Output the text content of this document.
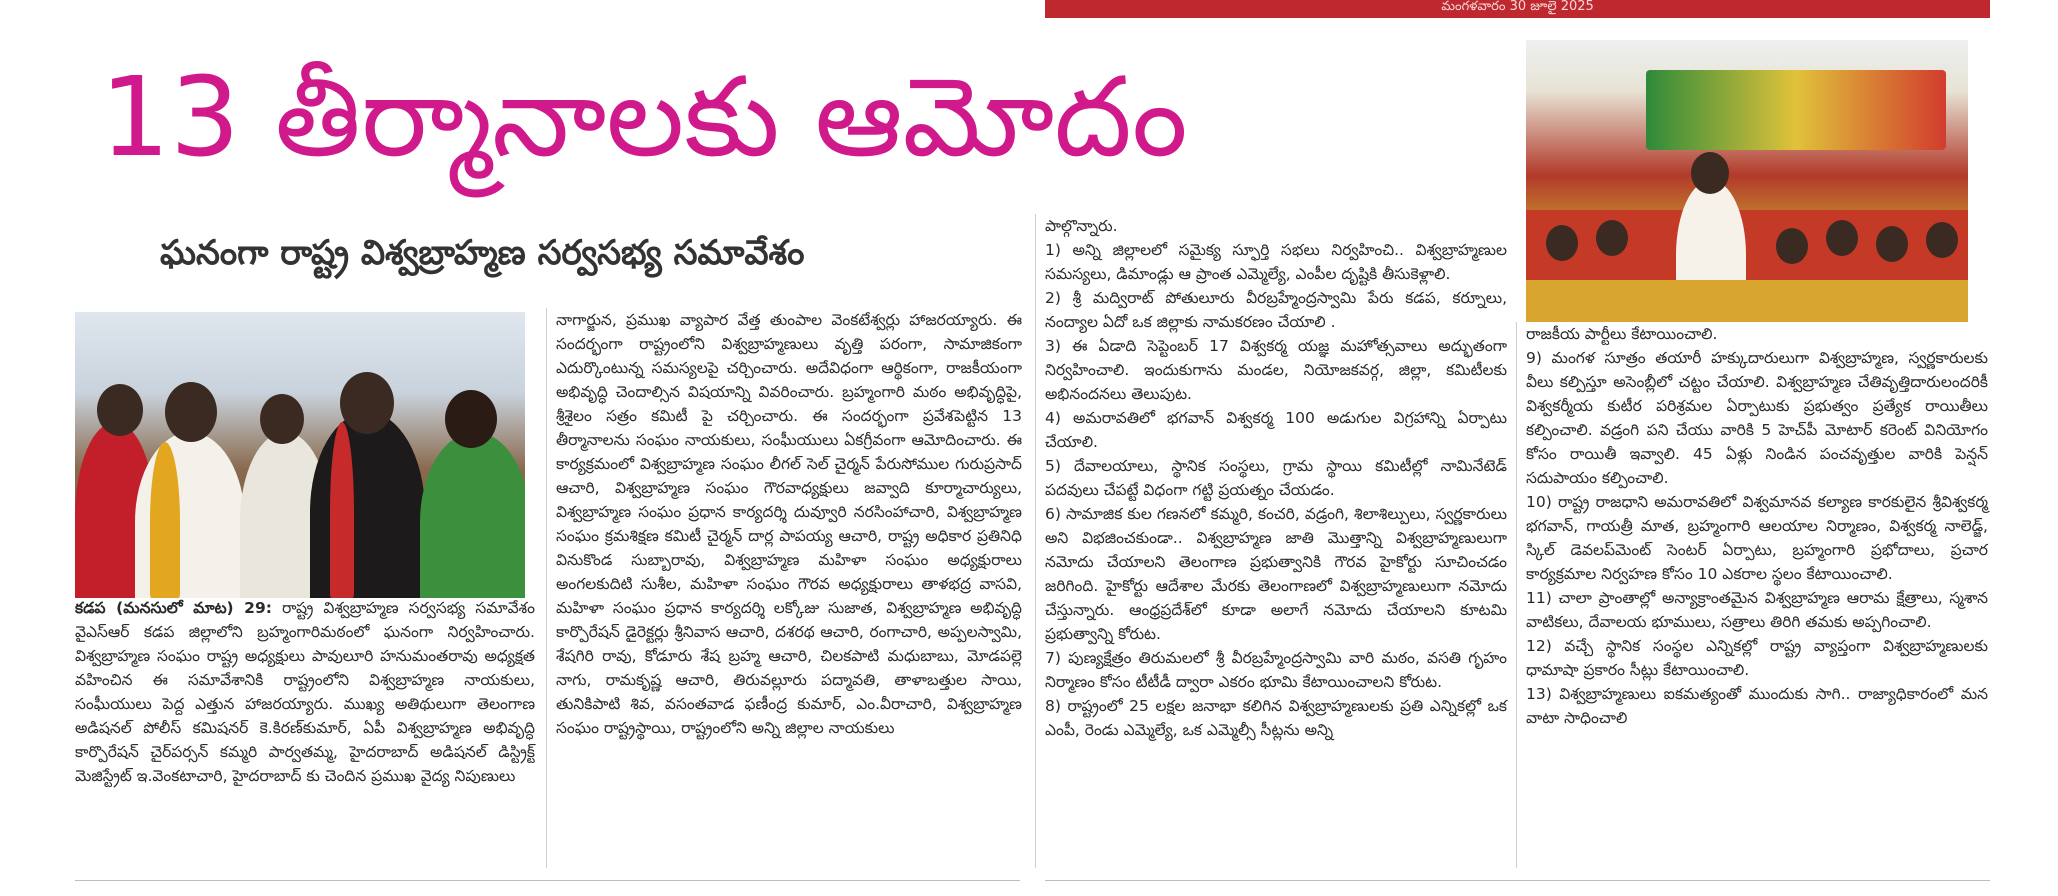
మంగళవారం 30 జూలై 2025
13 తీర్మానాలకు ఆమోదం
ఘనంగా రాష్ట్ర విశ్వబ్రాహ్మణ సర్వసభ్య సమావేశం

కడప (మనసులో మాట) 29: రాష్ట్ర విశ్వబ్రాహ్మణ సర్వసభ్య సమావేశం వైఎస్ఆర్ కడప జిల్లాలోని బ్రహ్మంగారిమఠంలో ఘనంగా నిర్వహించారు. విశ్వబ్రాహ్మణ సంఘం రాష్ట్ర అధ్యక్షులు పావులూరి హనుమంతరావు అధ్యక్షత వహించిన ఈ సమావేశానికి రాష్ట్రంలోని విశ్వబ్రాహ్మణ నాయకులు, సంఘీయులు పెద్ద ఎత్తున హాజరయ్యారు. ముఖ్య అతిథులుగా తెలంగాణ అడిషనల్ పోలీస్ కమిషనర్ కె.కిరణ్‌కుమార్, ఏపీ విశ్వబ్రాహ్మణ అభివృద్ధి కార్పొరేషన్ చైర్‌పర్సన్ కమ్మరి పార్వతమ్మ, హైదరాబాద్ అడిషనల్ డిస్ట్రిక్ట్ మెజిస్ట్రేట్ ఇ.వెంకటాచారి, హైదరాబాద్ కు చెందిన ప్రముఖ వైద్య నిపుణులు

నాగార్జున, ప్రముఖ వ్యాపార వేత్త తుంపాల వెంకటేశ్వర్లు హాజరయ్యారు. ఈ సందర్భంగా రాష్ట్రంలోని విశ్వబ్రాహ్మణులు వృత్తి పరంగా, సామాజికంగా ఎదుర్కొంటున్న సమస్యలపై చర్చించారు. అదేవిధంగా ఆర్థికంగా, రాజకీయంగా అభివృద్ధి చెందాల్సిన విషయాన్ని వివరించారు. బ్రహ్మంగారి మఠం అభివృద్ధిపై, శ్రీశైలం సత్రం కమిటీ పై చర్చించారు. ఈ సందర్భంగా ప్రవేశపెట్టిన 13 తీర్మానాలను సంఘం నాయకులు, సంఘీయులు ఏకగ్రీవంగా ఆమోదించారు. ఈ కార్యక్రమంలో విశ్వబ్రాహ్మణ సంఘం లీగల్ సెల్ చైర్మన్ పేరుసోముల గురుప్రసాద్ ఆచారి, విశ్వబ్రాహ్మణ సంఘం గౌరవాధ్యక్షులు జవ్వాది కూర్మాచార్యులు, విశ్వబ్రాహ్మణ సంఘం ప్రధాన కార్యదర్శి దువ్వూరి నరసింహాచారి, విశ్వబ్రాహ్మణ సంఘం క్రమశిక్షణ కమిటీ చైర్మన్ దార్ల పాపయ్య ఆచారి, రాష్ట్ర అధికార ప్రతినిధి వినుకొండ సుబ్బారావు, విశ్వబ్రాహ్మణ మహిళా సంఘం అధ్యక్షురాలు అంగలకుదిటి సుశీల, మహిళా సంఘం గౌరవ అధ్యక్షురాలు తాళభద్ర వాసవి, మహిళా సంఘం ప్రధాన కార్యదర్శి లక్కోజు సుజాత, విశ్వబ్రాహ్మణ అభివృద్ధి కార్పొరేషన్ డైరెక్టర్లు శ్రీనివాస ఆచారి, దశరథ ఆచారి, రంగాచారి, అప్పలస్వామి, శేషగిరి రావు, కోడూరు శేష బ్రహ్మ ఆచారి, చిలకపాటి మధుబాబు, మోడపల్లె నాగు, రామకృష్ణ ఆచారి, తిరువల్లూరు పద్మావతి, తాళాబత్తుల సాయి, తునికిపాటి శివ, వసంతవాడ ఫణీంద్ర కుమార్, ఎం.వీరాచారి, విశ్వబ్రాహ్మణ సంఘం రాష్ట్రస్థాయి, రాష్ట్రంలోని అన్ని జిల్లాల నాయకులు

పాల్గొన్నారు.

1) అన్ని జిల్లాలలో సమైక్య స్ఫూర్తి సభలు నిర్వహించి.. విశ్వబ్రాహ్మణుల సమస్యలు, డిమాండ్లు ఆ ప్రాంత ఎమ్మెల్యే, ఎంపీల దృష్టికి తీసుకెళ్లాలి.

2) శ్రీ మద్విరాట్ పోతులూరు వీరబ్రహ్మేంద్రస్వామి పేరు కడప, కర్నూలు, నంద్యాల ఏదో ఒక జిల్లాకు నామకరణం చేయాలి .

3) ఈ ఏడాది సెప్టెంబర్ 17 విశ్వకర్మ యజ్ఞ మహోత్సవాలు అద్భుతంగా నిర్వహించాలి. ఇందుకుగాను మండల, నియోజకవర్గ, జిల్లా, కమిటీలకు అభినందనలు తెలుపుట.

4) అమరావతిలో భగవాన్ విశ్వకర్మ 100 అడుగుల విగ్రహాన్ని ఏర్పాటు చేయాలి.

5) దేవాలయాలు, స్థానిక సంస్థలు, గ్రామ స్థాయి కమిటీల్లో నామినేటెడ్ పదవులు చేపట్టే విధంగా గట్టి ప్రయత్నం చేయడం.

6) సామాజిక కుల గణనలో కమ్మరి, కంచరి, వడ్రంగి, శిలాశిల్పులు, స్వర్ణకారులు అని విభజించకుండా.. విశ్వబ్రాహ్మణ జాతి మొత్తాన్ని విశ్వబ్రాహ్మణులుగా నమోదు చేయాలని తెలంగాణ ప్రభుత్వానికి గౌరవ హైకోర్టు సూచించడం జరిగింది. హైకోర్టు ఆదేశాల మేరకు తెలంగాణలో విశ్వబ్రాహ్మణులుగా నమోదు చేస్తున్నారు. ఆంధ్రప్రదేశ్‌లో కూడా అలాగే నమోదు చేయాలని కూటమి ప్రభుత్వాన్ని కోరుట.

7) పుణ్యక్షేత్రం తిరుమలలో శ్రీ వీరబ్రహ్మేంద్రస్వామి వారి మఠం, వసతి గృహం నిర్మాణం కోసం టీటీడీ ద్వారా ఎకరం భూమి కేటాయించాలని కోరుట.

8) రాష్ట్రంలో 25 లక్షల జనాభా కలిగిన విశ్వబ్రాహ్మణులకు ప్రతి ఎన్నికల్లో ఒక ఎంపీ, రెండు ఎమ్మెల్యే, ఒక ఎమ్మెల్సీ సీట్లను అన్ని

రాజకీయ పార్టీలు కేటాయించాలి.

9) మంగళ సూత్రం తయారీ హక్కుదారులుగా విశ్వబ్రాహ్మణ, స్వర్ణకారులకు వీలు కల్పిస్తూ అసెంబ్లీలో చట్టం చేయాలి. విశ్వబ్రాహ్మణ చేతివృత్తిదారులందరికీ విశ్వకర్మీయ కుటీర పరిశ్రమల ఏర్పాటుకు ప్రభుత్వం ప్రత్యేక రాయితీలు కల్పించాలి. వడ్రంగి పని చేయు వారికి 5 హెచ్‌పీ మోటార్ కరెంట్ వినియోగం కోసం రాయితీ ఇవ్వాలి. 45 ఏళ్లు నిండిన పంచవృత్తుల వారికి పెన్షన్ సదుపాయం కల్పించాలి.

10) రాష్ట్ర రాజధాని అమరావతిలో విశ్వమానవ కల్యాణ కారకులైన శ్రీవిశ్వకర్మ భగవాన్, గాయత్రీ మాత, బ్రహ్మంగారి ఆలయాల నిర్మాణం, విశ్వకర్మ నాలెడ్జ్, స్కిల్ డెవలప్‌మెంట్ సెంటర్ ఏర్పాటు, బ్రహ్మంగారి ప్రభోదాలు, ప్రచార కార్యక్రమాల నిర్వహణ కోసం 10 ఎకరాల స్థలం కేటాయించాలి.

11) చాలా ప్రాంతాల్లో అన్యాక్రాంతమైన విశ్వబ్రాహ్మణ ఆరామ క్షేత్రాలు, స్మశాన వాటికలు, దేవాలయ భూములు, సత్రాలు తిరిగి తమకు అప్పగించాలి.

12) వచ్చే స్థానిక సంస్థల ఎన్నికల్లో రాష్ట్ర వ్యాప్తంగా విశ్వబ్రాహ్మణులకు ధామాషా ప్రకారం సీట్లు కేటాయించాలి.

13) విశ్వబ్రాహ్మణులు ఐకమత్యంతో ముందుకు సాగి.. రాజ్యాధికారంలో మన వాటా సాధించాలి
